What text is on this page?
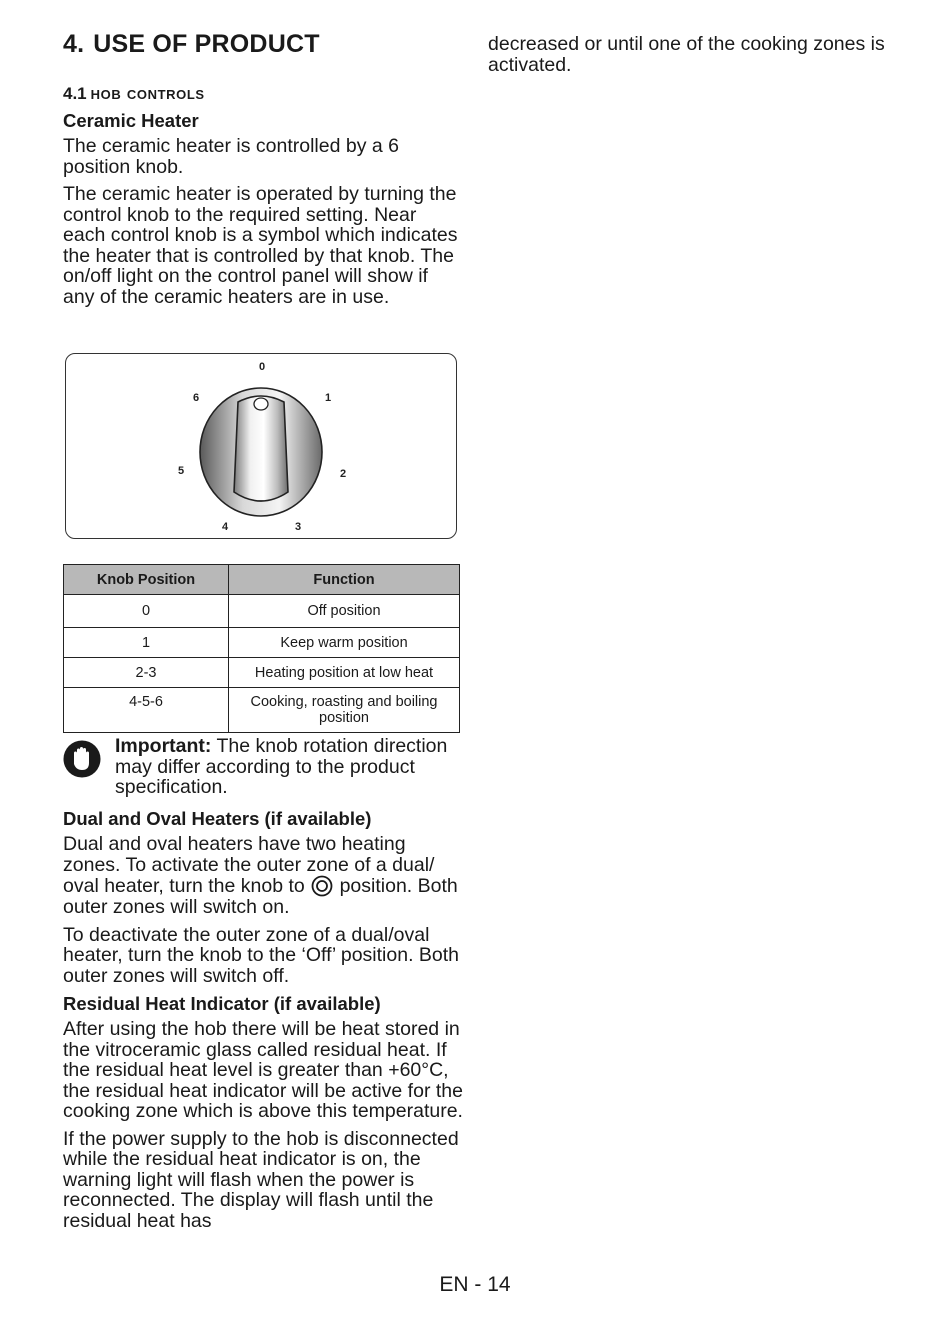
4. USE OF PRODUCT
4.1 hob controls
Ceramic Heater

The ceramic heater is controlled by a 6 position knob.

The ceramic heater is operated by turning the control knob to the required setting. Near each control knob is a symbol which indicates the heater that is controlled by that knob. The on/off light on the control panel will show if any of the ceramic heaters are in use.

0
1
2
3
4
5
6
Knob Position	Function
0	Off position
1	Keep warm position
2-3	Heating position at low heat
4-5-6	Cooking, roasting and boiling position
Important: The knob rotation direction may differ according to the product specification.
Dual and Oval Heaters (if available)

Dual and oval heaters have two heating zones. To activate the outer zone of a dual/ oval heater, turn the knob to  position. Both outer zones will switch on.

To deactivate the outer zone of a dual/oval heater, turn the knob to the ‘Off’ position. Both outer zones will switch off.

Residual Heat Indicator (if available)

After using the hob there will be heat stored in the vitroceramic glass called residual heat. If the residual heat level is greater than +60°C, the residual heat indicator will be active for the cooking zone which is above this temperature.

If the power supply to the hob is disconnected while the residual heat indicator is on, the warning light will flash when the power is reconnected. The display will flash until the residual heat has

decreased or until one of the cooking zones is activated.

EN - 14
